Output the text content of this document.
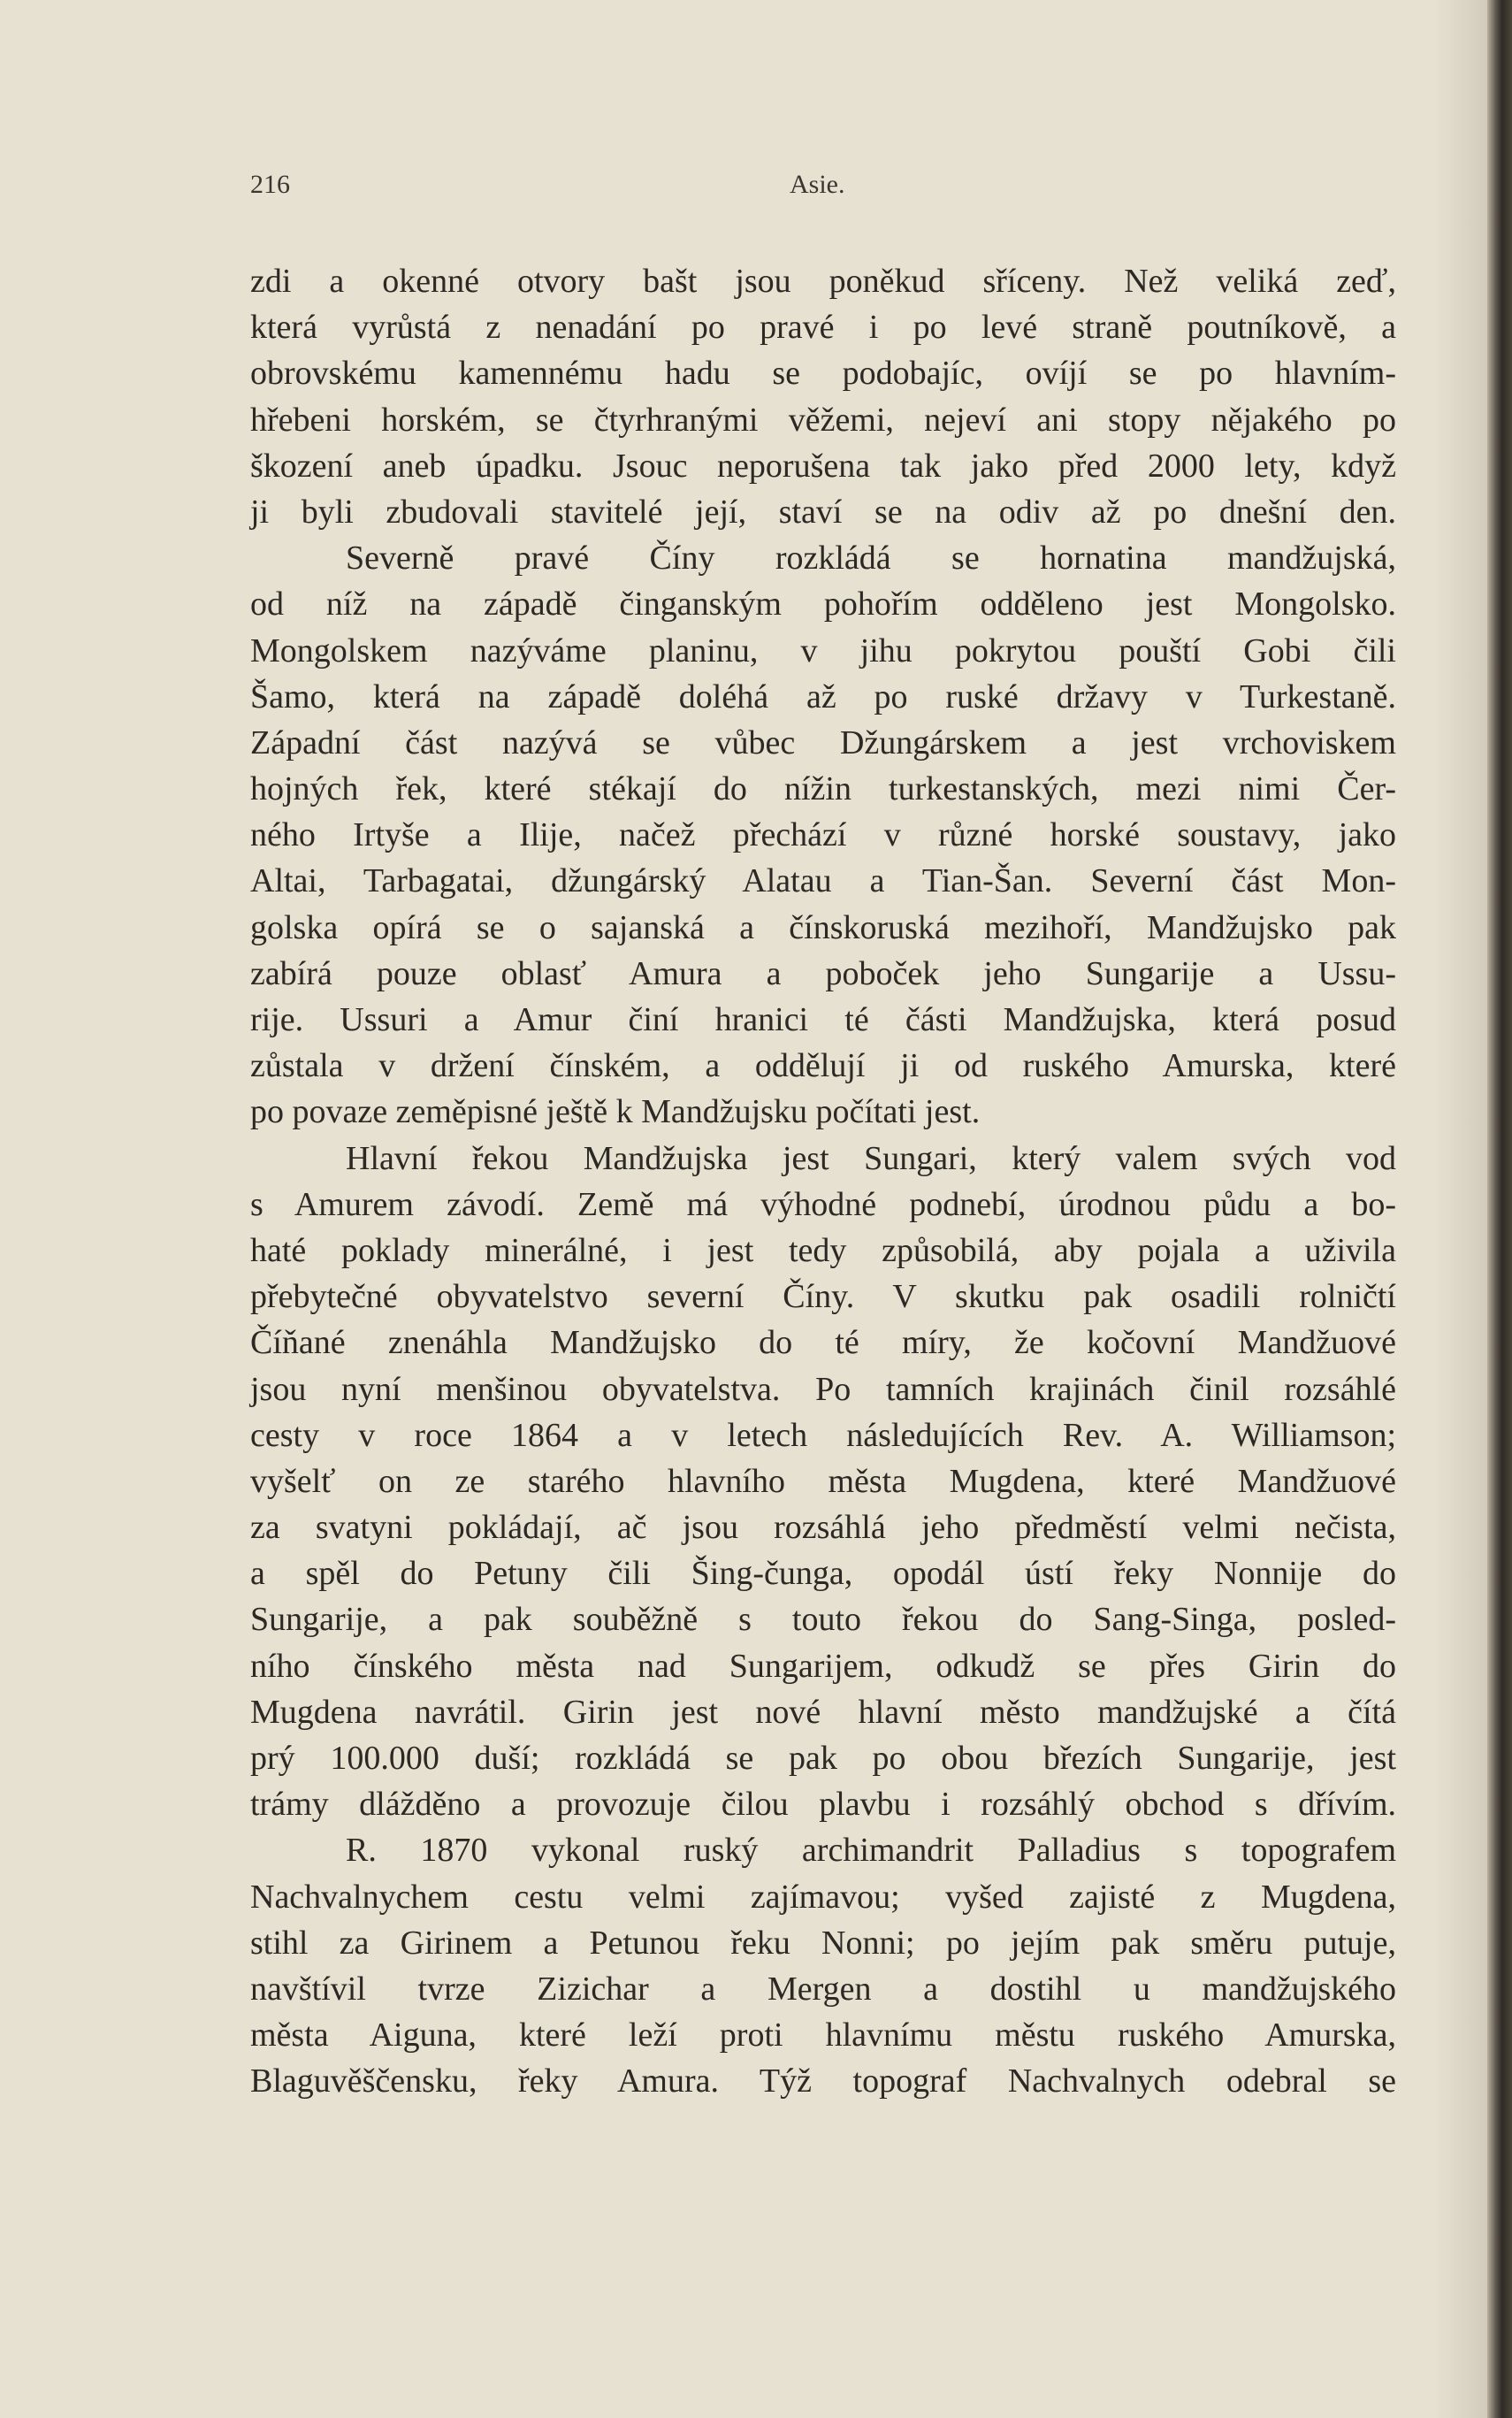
216	Asie.
zdi a okenné otvory bašt jsou poněkud sříceny. Než veliká zeď,
která vyrůstá z nenadání po pravé i po levé straně poutníkově, a
obrovskému kamennému hadu se podobajíc, ovíjí se po hlavním-
hřebeni horském, se čtyrhranými věžemi, nejeví ani stopy nějakého po
škození aneb úpadku. Jsouc neporušena tak jako před 2000 lety, když
ji byli zbudovali stavitelé její, staví se na odiv až po dnešní den.
Severně pravé Číny rozkládá se hornatina mandžujská,
od níž na západě činganským pohořím odděleno jest Mongolsko.
Mongolskem nazýváme planinu, v jihu pokrytou pouští Gobi čili
Šamo, která na západě doléhá až po ruské državy v Turkestaně.
Západní část nazývá se vůbec Džungárskem a jest vrchoviskem
hojných řek, které stékají do nížin turkestanských, mezi nimi Čer-
ného Irtyše a Ilije, načež přechází v různé horské soustavy, jako
Altai, Tarbagatai, džungárský Alatau a Tian-Šan. Severní část Mon-
golska opírá se o sajanská a čínskoruská mezihoří, Mandžujsko pak
zabírá pouze oblasť Amura a poboček jeho Sungarije a Ussu-
rije. Ussuri a Amur činí hranici té části Mandžujska, která posud
zůstala v držení čínském, a oddělují ji od ruského Amurska, které
po povaze zeměpisné ještě k Mandžujsku počítati jest.
Hlavní řekou Mandžujska jest Sungari, který valem svých vod
s Amurem závodí. Země má výhodné podnebí, úrodnou půdu a bo-
haté poklady minerálné, i jest tedy způsobilá, aby pojala a uživila
přebytečné obyvatelstvo severní Číny. V skutku pak osadili rolničtí
Číňané znenáhla Mandžujsko do té míry, že kočovní Mandžuové
jsou nyní menšinou obyvatelstva. Po tamních krajinách činil rozsáhlé
cesty v roce 1864 a v letech následujících Rev. A. Williamson;
vyšelť on ze starého hlavního města Mugdena, které Mandžuové
za svatyni pokládají, ač jsou rozsáhlá jeho předměstí velmi nečista,
a spěl do Petuny čili Šing-čunga, opodál ústí řeky Nonnije do
Sungarije, a pak souběžně s touto řekou do Sang-Singa, posled-
ního čínského města nad Sungarijem, odkudž se přes Girin do
Mugdena navrátil. Girin jest nové hlavní město mandžujské a čítá
prý 100.000 duší; rozkládá se pak po obou březích Sungarije, jest
trámy dlážděno a provozuje čilou plavbu i rozsáhlý obchod s dřívím.
R. 1870 vykonal ruský archimandrit Palladius s topografem
Nachvalnychem cestu velmi zajímavou; vyšed zajisté z Mugdena,
stihl za Girinem a Petunou řeku Nonni; po jejím pak směru putuje,
navštívil tvrze Zizichar a Mergen a dostihl u mandžujského
města Aiguna, které leží proti hlavnímu městu ruského Amurska,
Blaguvěščensku, řeky Amura. Týž topograf Nachvalnych odebral se
